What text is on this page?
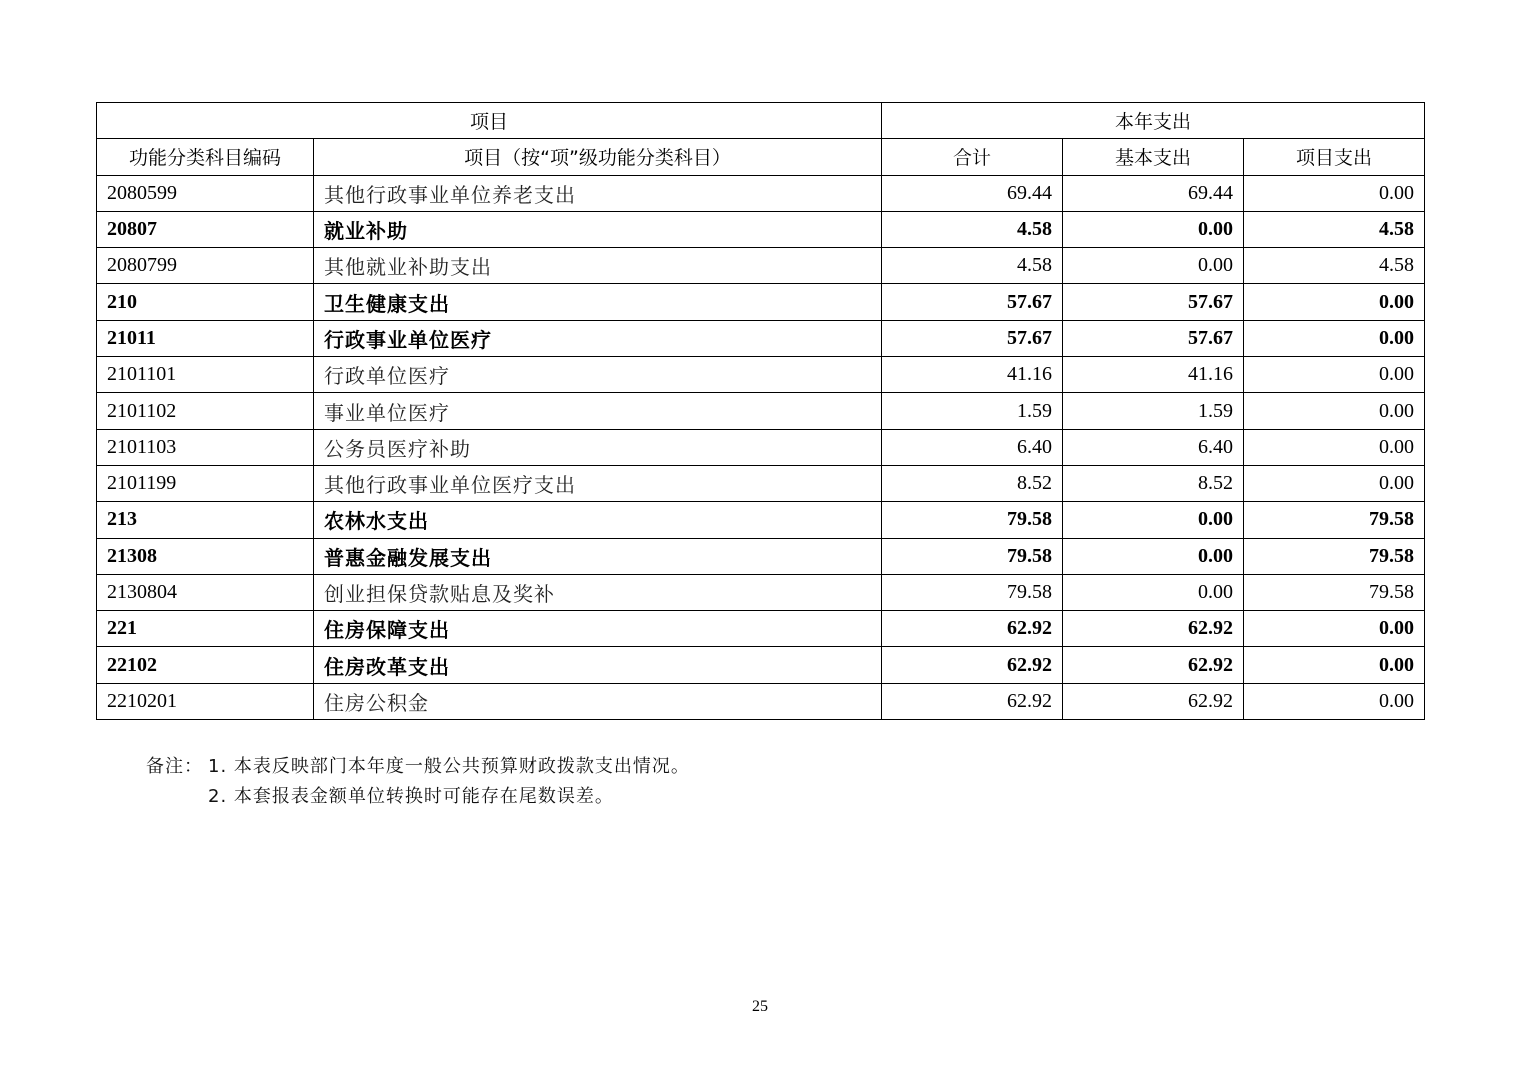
项目		本年支出		
功能分类科目编码	项目（按“项”级功能分类科目）	合计	基本支出	项目支出
2080599	其他行政事业单位养老支出	69.44	69.44	0.00
20807	就业补助	4.58	0.00	4.58
2080799	其他就业补助支出	4.58	0.00	4.58
210	卫生健康支出	57.67	57.67	0.00
21011	行政事业单位医疗	57.67	57.67	0.00
2101101	行政单位医疗	41.16	41.16	0.00
2101102	事业单位医疗	1.59	1.59	0.00
2101103	公务员医疗补助	6.40	6.40	0.00
2101199	其他行政事业单位医疗支出	8.52	8.52	0.00
213	农林水支出	79.58	0.00	79.58
21308	普惠金融发展支出	79.58	0.00	79.58
2130804	创业担保贷款贴息及奖补	79.58	0.00	79.58
221	住房保障支出	62.92	62.92	0.00
22102	住房改革支出	62.92	62.92	0.00
2210201	住房公积金	62.92	62.92	0.00
备注： 1. 本表反映部门本年度一般公共预算财政拨款支出情况。
2. 本套报表金额单位转换时可能存在尾数误差。
25
